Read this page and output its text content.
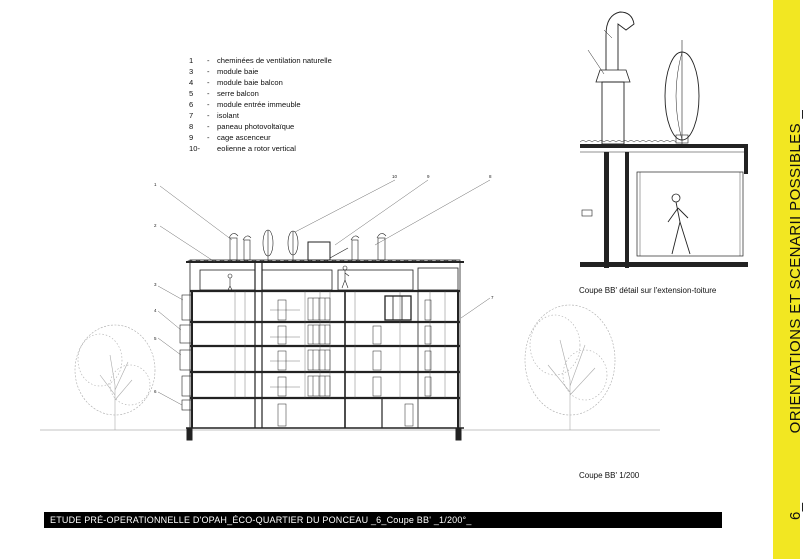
1	- cheminées de ventilation naturelle
3	- module baie
4	- module baie balcon
5	- serre balcon
6	- module entrée immeuble
7	- isolant
8	- paneau photovoltaïque
9	- cage ascenceur
10-	eolienne a rotor vertical
1
2
3
4
5
6
10	9	8
7
Coupe BB' détail sur l'extension-toiture
Coupe BB' 1/200
ETUDE PRÉ-OPERATIONNELLE D'OPAH_ÉCO-QUARTIER DU PONCEAU _6_Coupe BB' _1/200°_	6_  ORIENTATIONS ET SCENARII POSSIBLES _
